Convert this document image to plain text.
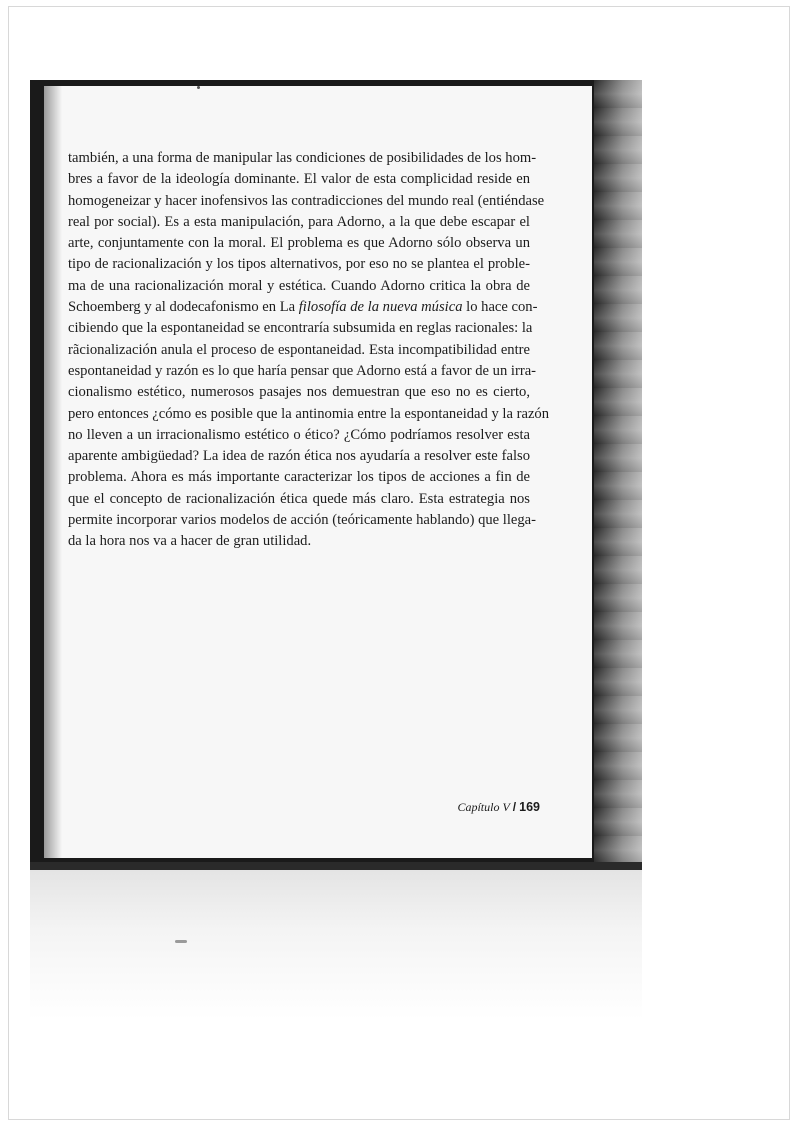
también, a una forma de manipular las condiciones de posibilidades de los hom-
bres a favor de la ideología dominante. El valor de esta complicidad reside en
homogeneizar y hacer inofensivos las contradicciones del mundo real (entiéndase
real por social). Es a esta manipulación, para Adorno, a la que debe escapar el
arte, conjuntamente con la moral. El problema es que Adorno sólo observa un
tipo de racionalización y los tipos alternativos, por eso no se plantea el proble-
ma de una racionalización moral y estética. Cuando Adorno critica la obra de
Schoemberg y al dodecafonismo en La filosofía de la nueva música lo hace con-
cibiendo que la espontaneidad se encontraría subsumida en reglas racionales: la
rãcionalización anula el proceso de espontaneidad. Esta incompatibilidad entre
espontaneidad y razón es lo que haría pensar que Adorno está a favor de un irra-
cionalismo estético, numerosos pasajes nos demuestran que eso no es cierto,
pero entonces ¿cómo es posible que la antinomia entre la espontaneidad y la razón
no lleven a un irracionalismo estético o ético? ¿Cómo podríamos resolver esta
aparente ambigüedad? La idea de razón ética nos ayudaría a resolver este falso
problema. Ahora es más importante caracterizar los tipos de acciones a fin de
que el concepto de racionalización ética quede más claro. Esta estrategia nos
permite incorporar varios modelos de acción (teóricamente hablando) que llega-
da la hora nos va a hacer de gran utilidad.
Capítulo V / 169
